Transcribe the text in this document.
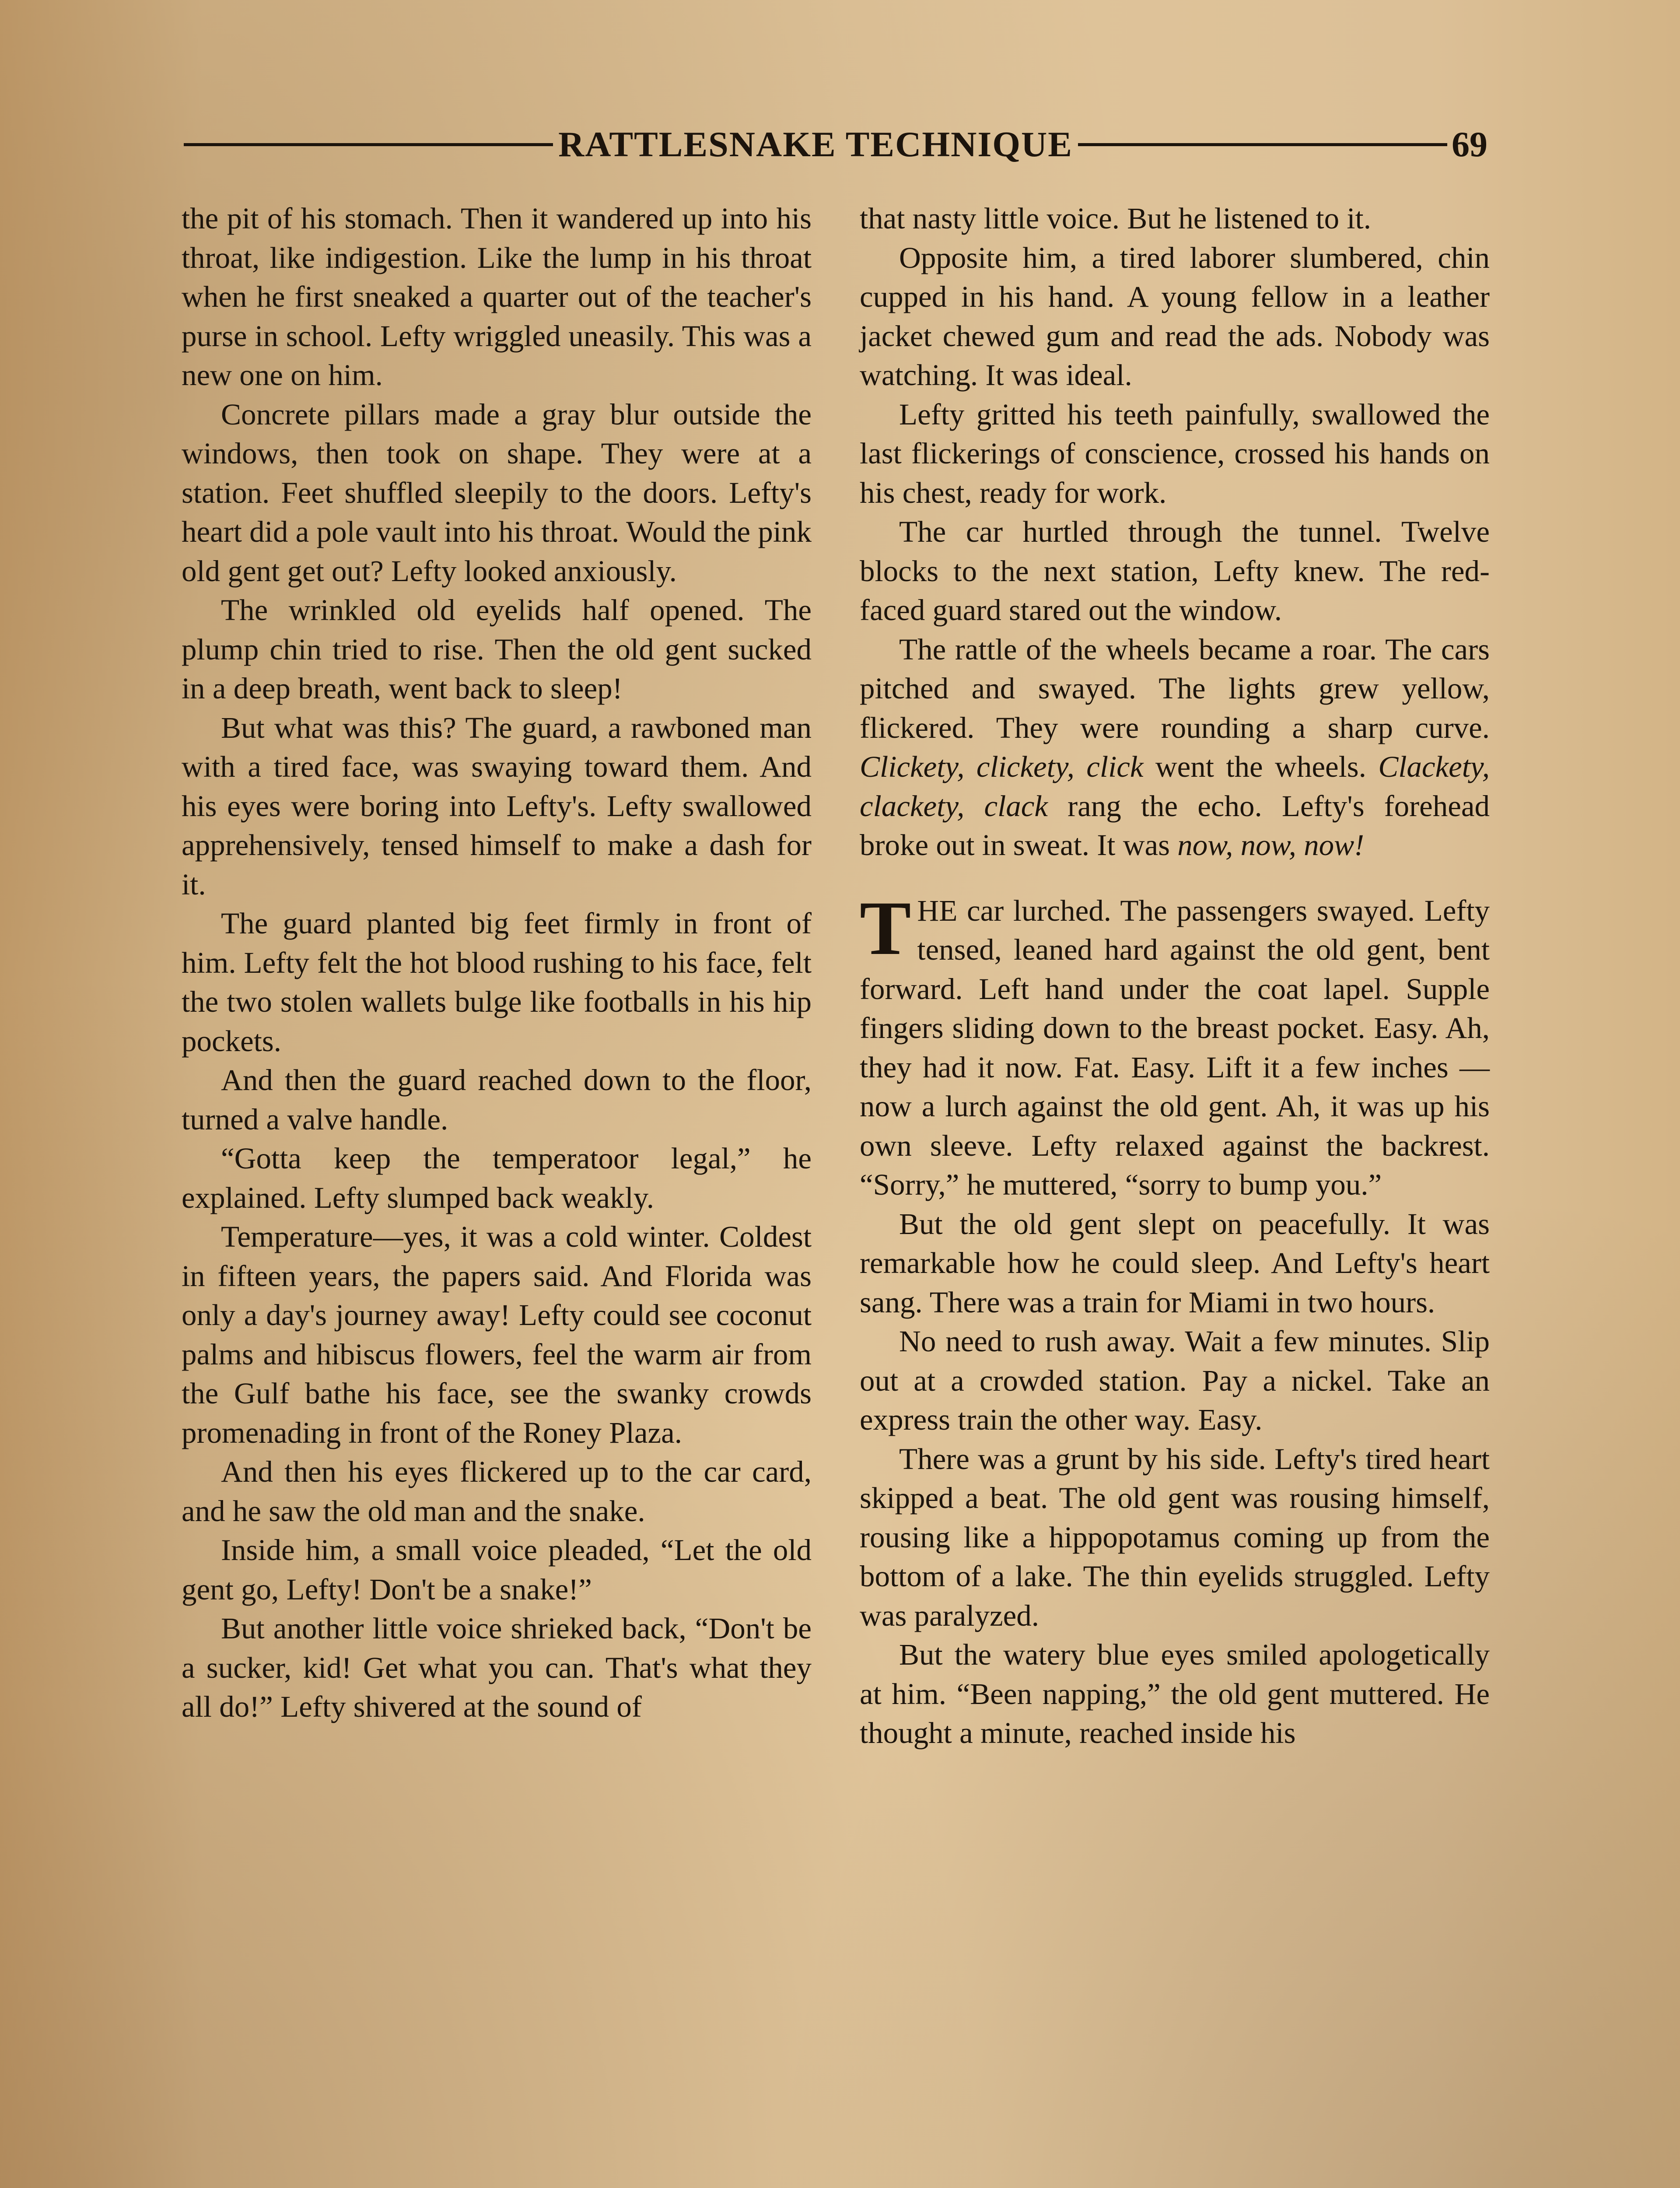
RATTLESNAKE TECHNIQUE	69

the pit of his stomach. Then it wandered up into his throat, like indigestion. Like the lump in his throat when he first sneaked a quarter out of the teacher's purse in school. Lefty wriggled uneasily. This was a new one on him.

Concrete pillars made a gray blur outside the windows, then took on shape. They were at a station. Feet shuffled sleepily to the doors. Lefty's heart did a pole vault into his throat. Would the pink old gent get out? Lefty looked anxiously.

The wrinkled old eyelids half opened. The plump chin tried to rise. Then the old gent sucked in a deep breath, went back to sleep!

But what was this? The guard, a rawboned man with a tired face, was swaying toward them. And his eyes were boring into Lefty's. Lefty swallowed apprehensively, tensed himself to make a dash for it.

The guard planted big feet firmly in front of him. Lefty felt the hot blood rushing to his face, felt the two stolen wallets bulge like footballs in his hip pockets.

And then the guard reached down to the floor, turned a valve handle.

“Gotta keep the temperatoor legal,” he explained. Lefty slumped back weakly.

Temperature—yes, it was a cold winter. Coldest in fifteen years, the papers said. And Florida was only a day's journey away! Lefty could see coconut palms and hibiscus flowers, feel the warm air from the Gulf bathe his face, see the swanky crowds promenading in front of the Roney Plaza.

And then his eyes flickered up to the car card, and he saw the old man and the snake.

Inside him, a small voice pleaded, “Let the old gent go, Lefty! Don't be a snake!”

But another little voice shrieked back, “Don't be a sucker, kid! Get what you can. That's what they all do!” Lefty shivered at the sound of

that nasty little voice. But he listened to it.

Opposite him, a tired laborer slumbered, chin cupped in his hand. A young fellow in a leather jacket chewed gum and read the ads. Nobody was watching. It was ideal.

Lefty gritted his teeth painfully, swallowed the last flickerings of conscience, crossed his hands on his chest, ready for work.

The car hurtled through the tunnel. Twelve blocks to the next station, Lefty knew. The red-faced guard stared out the window.

The rattle of the wheels became a roar. The cars pitched and swayed. The lights grew yellow, flickered. They were rounding a sharp curve. Clickety, clickety, click went the wheels. Clackety, clackety, clack rang the echo. Lefty's forehead broke out in sweat. It was now, now, now!

THE car lurched. The passengers swayed. Lefty tensed, leaned hard against the old gent, bent forward. Left hand under the coat lapel. Supple fingers sliding down to the breast pocket. Easy. Ah, they had it now. Fat. Easy. Lift it a few inches —now a lurch against the old gent. Ah, it was up his own sleeve. Lefty relaxed against the backrest. “Sorry,” he muttered, “sorry to bump you.”

But the old gent slept on peacefully. It was remarkable how he could sleep. And Lefty's heart sang. There was a train for Miami in two hours.

No need to rush away. Wait a few minutes. Slip out at a crowded station. Pay a nickel. Take an express train the other way. Easy.

There was a grunt by his side. Lefty's tired heart skipped a beat. The old gent was rousing himself, rousing like a hippopotamus coming up from the bottom of a lake. The thin eyelids struggled. Lefty was paralyzed.

But the watery blue eyes smiled apologetically at him. “Been napping,” the old gent muttered. He thought a minute, reached inside his
